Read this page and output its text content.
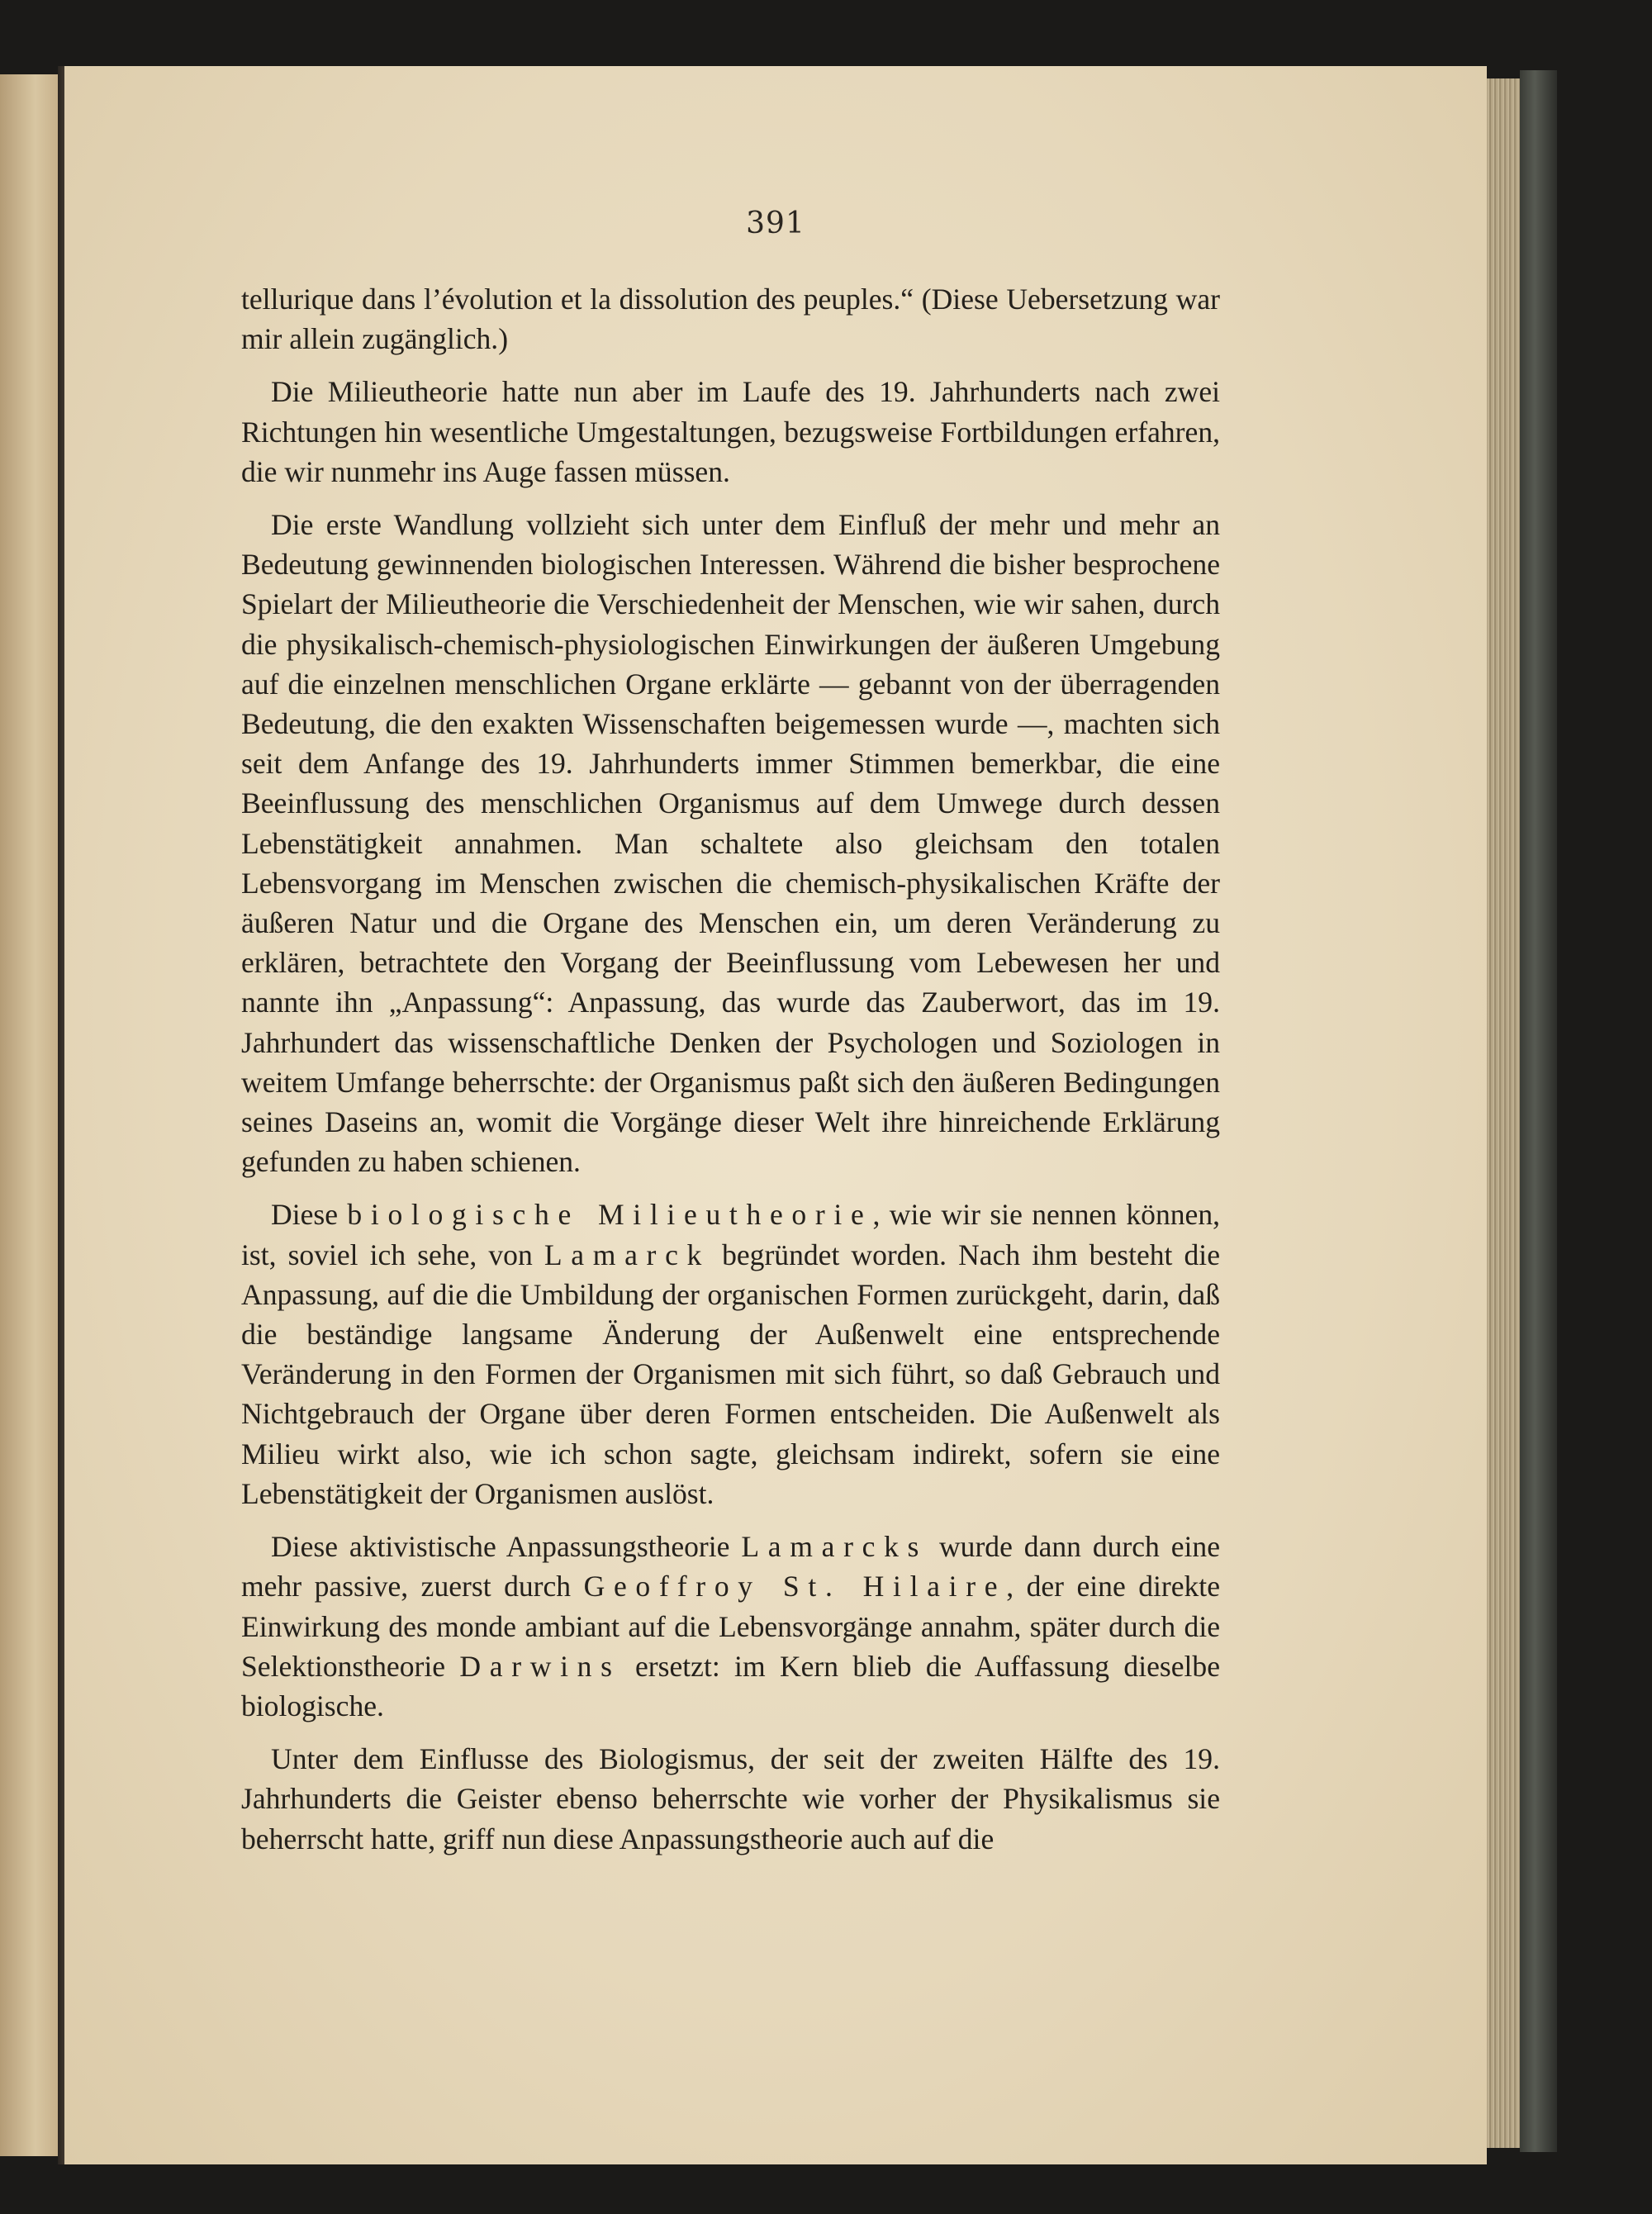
391

tellurique dans l’évolution et la dissolution des peuples.“ (Diese Uebersetzung war mir allein zugänglich.)

Die Milieutheorie hatte nun aber im Laufe des 19. Jahrhunderts nach zwei Richtungen hin wesentliche Umgestaltungen, bezugsweise Fortbildungen erfahren, die wir nunmehr ins Auge fassen müssen.

Die erste Wandlung vollzieht sich unter dem Einfluß der mehr und mehr an Bedeutung gewinnenden biologischen Interessen. Während die bisher besprochene Spielart der Milieutheorie die Verschiedenheit der Menschen, wie wir sahen, durch die physikalisch-chemisch-physiologischen Einwirkungen der äußeren Umgebung auf die einzelnen menschlichen Organe erklärte — gebannt von der überragenden Bedeutung, die den exakten Wissenschaften beigemessen wurde —, machten sich seit dem Anfange des 19. Jahrhunderts immer Stimmen bemerkbar, die eine Beeinflussung des menschlichen Organismus auf dem Umwege durch dessen Lebenstätigkeit annahmen. Man schaltete also gleichsam den totalen Lebensvorgang im Menschen zwischen die chemisch-physikalischen Kräfte der äußeren Natur und die Organe des Menschen ein, um deren Veränderung zu erklären, betrachtete den Vorgang der Beeinflussung vom Lebewesen her und nannte ihn „Anpassung“: Anpassung, das wurde das Zauberwort, das im 19. Jahrhundert das wissenschaftliche Denken der Psychologen und Soziologen in weitem Umfange beherrschte: der Organismus paßt sich den äußeren Bedingungen seines Daseins an, womit die Vorgänge dieser Welt ihre hinreichende Erklärung gefunden zu haben schienen.

Diese biologische Milieutheorie, wie wir sie nennen können, ist, soviel ich sehe, von Lamarck begründet worden. Nach ihm besteht die Anpassung, auf die die Umbildung der organischen Formen zurückgeht, darin, daß die beständige langsame Änderung der Außenwelt eine entsprechende Veränderung in den Formen der Organismen mit sich führt, so daß Gebrauch und Nichtgebrauch der Organe über deren Formen entscheiden. Die Außenwelt als Milieu wirkt also, wie ich schon sagte, gleichsam indirekt, sofern sie eine Lebenstätigkeit der Organismen auslöst.

Diese aktivistische Anpassungstheorie Lamarcks wurde dann durch eine mehr passive, zuerst durch Geoffroy St. Hilaire, der eine direkte Einwirkung des monde ambiant auf die Lebensvorgänge annahm, später durch die Selektionstheorie Darwins ersetzt: im Kern blieb die Auffassung dieselbe biologische.

Unter dem Einflusse des Biologismus, der seit der zweiten Hälfte des 19. Jahrhunderts die Geister ebenso beherrschte wie vorher der Physikalismus sie beherrscht hatte, griff nun diese Anpassungstheorie auch auf die
